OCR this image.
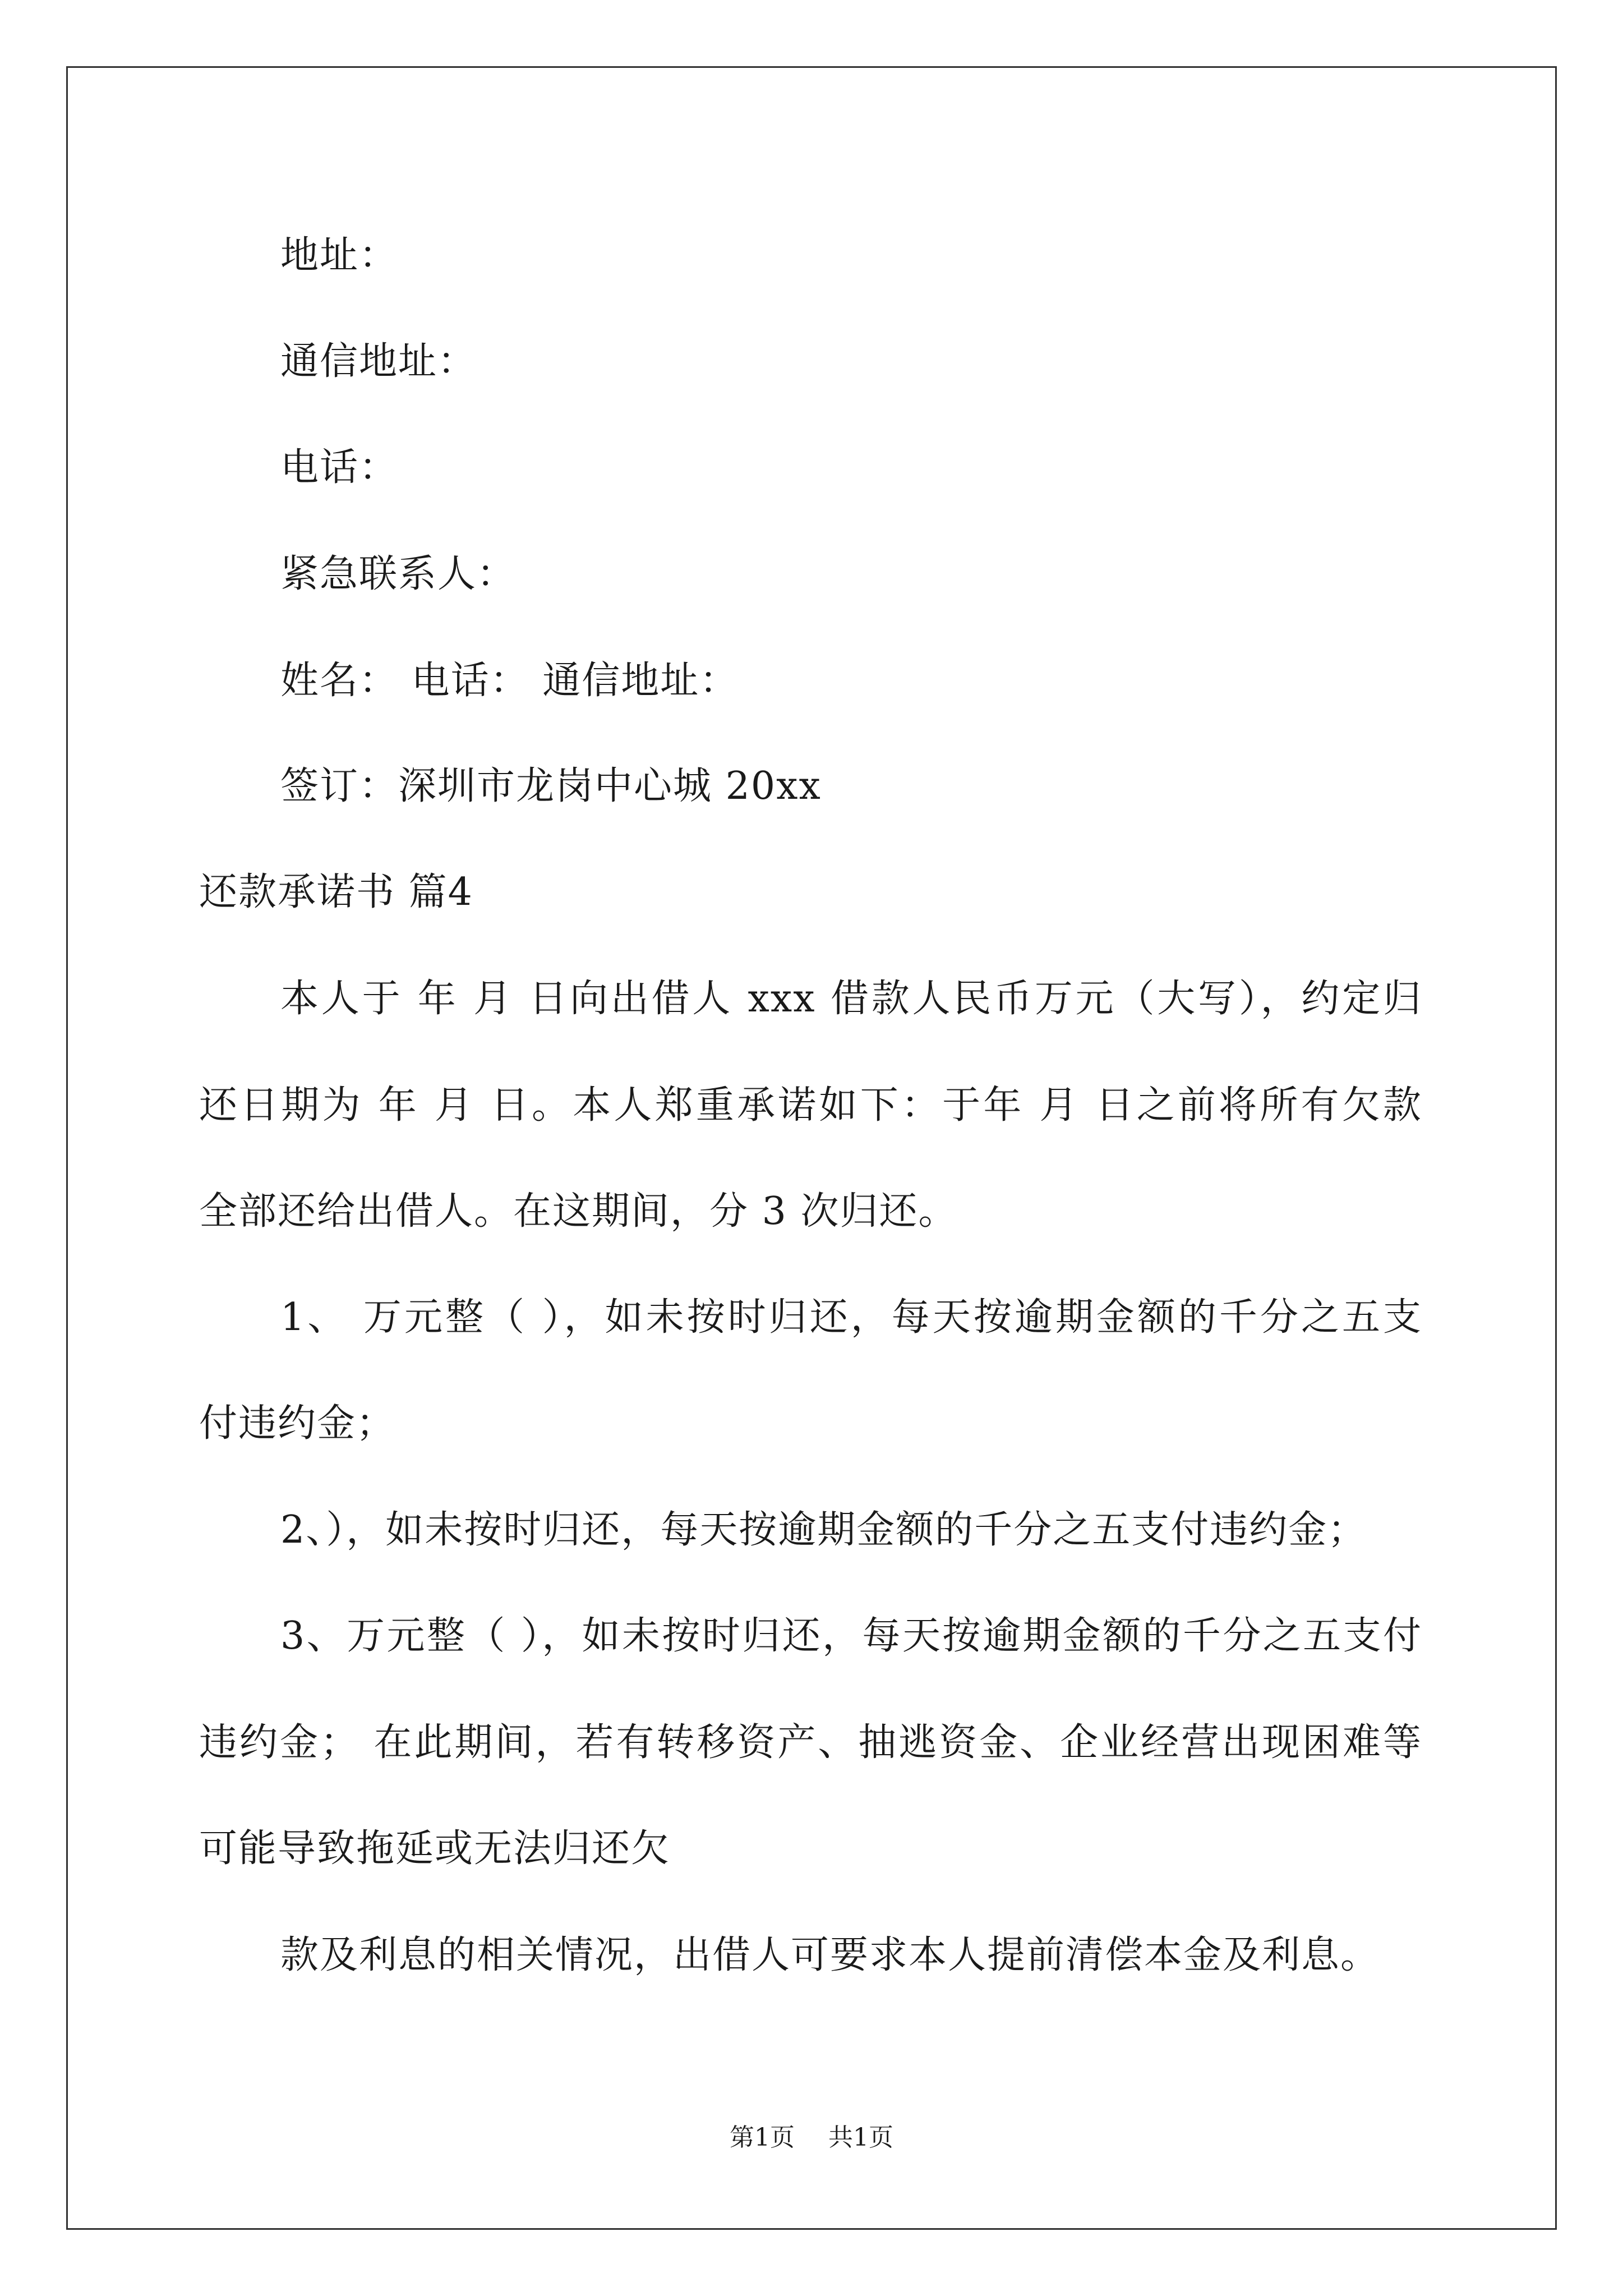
地址：
通信地址：
电话：
紧急联系人：
姓名： 电话： 通信地址：
签订：深圳市龙岗中心城 20xx
还款承诺书 篇4
本人于 年 月 日向出借人 xxx 借款人民币万元（大写），约定归
还日期为 年 月 日。本人郑重承诺如下：于年 月 日之前将所有欠款
全部还给出借人。在这期间，分 3 次归还。
1、 万元整（ ），如未按时归还，每天按逾期金额的千分之五支
付违约金；
2、），如未按时归还，每天按逾期金额的千分之五支付违约金；
3、万元整（ ），如未按时归还，每天按逾期金额的千分之五支付
违约金； 在此期间，若有转移资产、抽逃资金、企业经营出现困难等
可能导致拖延或无法归还欠
款及利息的相关情况，出借人可要求本人提前清偿本金及利息。
第1页 共1页
